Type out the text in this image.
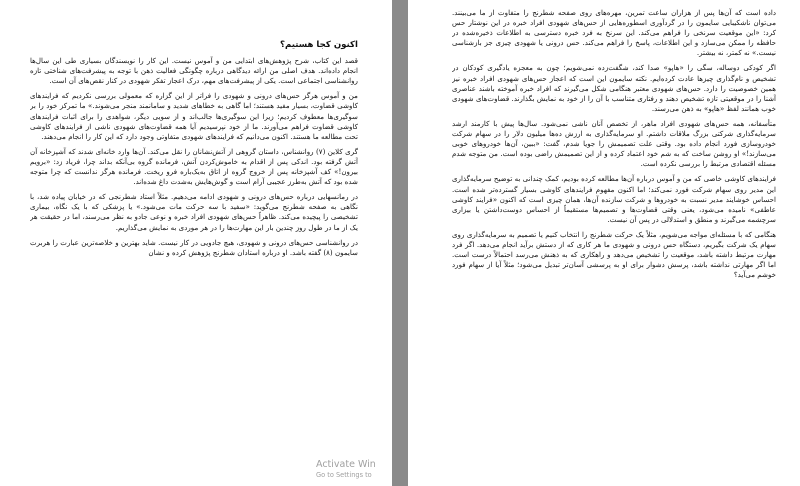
اکنون کجا هستیم؟

قصد این کتاب، شرح پژوهش‌های ابتدایی من و آموس نیست. این کار را نویسندگان بسیاری طی این سال‌ها انجام داده‌اند. هدف اصلی من ارائه دیدگاهی درباره چگونگی فعالیت ذهن با توجه به پیشرفت‌های شناختی تازه روانشناسی اجتماعی است. یکی از پیشرفت‌های مهم، درک اعجاز تفکر شهودی در کنار نقص‌های آن است.

من و آموس هرگز حس‌های درونی و شهودی را فراتر از این گزاره که معمولی بررسی نکردیم که فرایندهای کاوشی قضاوت، بسیار مفید هستند؛ اما گاهی به خطاهای شدید و سامانمند منجر می‌شوند.» ما تمرکز خود را بر سوگیری‌ها معطوف کردیم؛ زیرا این سوگیری‌ها جالب‌اند و از سویی دیگر، شواهدی را برای اثبات فرایندهای کاوشی قضاوت فراهم می‌آورند. ما از خود نپرسیدیم آیا همه قضاوت‌های شهودی ناشی از فرایندهای کاوشی تحت مطالعه ما هستند. اکنون می‌دانیم که فرایندهای شهودی متفاوتی وجود دارد که این کار را انجام می‌دهند.

گری کلاین (۷) روانشناس، داستان گروهی از آتش‌نشانان را نقل می‌کند. آن‌ها وارد خانه‌ای شدند که آشپزخانه آن آتش گرفته بود. اندکی پس از اقدام به خاموش‌کردن آتش، فرمانده گروه بی‌آنکه بداند چرا، فریاد زد: «برویم بیرون!» کف آشپزخانه پس از خروج گروه از اتاق به‌یک‌باره فرو ریخت. فرمانده هرگز ندانست که چرا متوجه شده بود که آتش به‌طرز عجیبی آرام است و گوش‌هایش به‌شدت داغ شده‌اند.

در رمانسهایی درباره حس‌های درونی و شهودی ادامه می‌دهیم. مثلاً استاد شطرنجی که در خیابان پیاده شد، با نگاهی به صفحه شطرنج می‌گوید: «سفید با سه حرکت مات می‌شود.» یا پزشکی که با یک نگاه، بیماری تشخیصی را پیچیده می‌کند. ظاهراً حس‌های شهودی افراد خبره و نوعی جادو به نظر می‌رسند، اما در حقیقت هر یک از ما در طول روز چندین بار این مهارت‌ها را در هر موردی به نمایش می‌گذاریم.

در روانشناسی حس‌های درونی و شهودی، هیچ جادویی در کار نیست. شاید بهترین و خلاصه‌ترین عبارت را هربرت سایمون (۸) گفته باشد. او درباره استادان شطرنج پژوهش کرده و نشان

داده است که آن‌ها پس از هزاران ساعت تمرین، مهره‌های روی صفحه شطرنج را متفاوت از ما می‌بینند. می‌توان ناشکیبایی سایمون را در گردآوری اسطوره‌هایی از حس‌های شهودی افراد خبره در این نوشتار حس کرد: «این موقعیت سرنخی را فراهم می‌کند. این سرنخ به فرد خبره دسترسی به اطلاعات ذخیره‌شده در حافظه را ممکن می‌سازد و این اطلاعات، پاسخ را فراهم می‌کند. حس درونی یا شهودی چیزی جز بازشناسی نیست.» نه کمتر، نه بیشتر.

اگر کودکی دوساله، سگی را «هاپو» صدا کند، شگفت‌زده نمی‌شویم؛ چون به معجزه یادگیری کودکان در تشخیص و نام‌گذاری چیزها عادت کرده‌ایم. نکته سایمون این است که اعجاز حس‌های شهودی افراد خبره نیز همین خصوصیت را دارد. حس‌های شهودی معتبر هنگامی شکل می‌گیرند که افراد خبره آموخته باشند عناصری آشنا را در موقعیتی تازه تشخیص دهند و رفتاری متناسب با آن را از خود به نمایش بگذارند. قضاوت‌های شهودی خوب همانند لفظ «هاپو» به ذهن می‌رسند.

متأسفانه، همه حس‌های شهودی افراد ماهر، از تخصص آنان ناشی نمی‌شود. سال‌ها پیش با کارمند ارشد سرمایه‌گذاری شرکتی بزرگ ملاقات داشتم. او سرمایه‌گذاری به ارزش ده‌ها میلیون دلار را در سهام شرکت خودروسازی فورد انجام داده بود. وقتی علت تصمیمش را جویا شدم، گفت: «ببین، آن‌ها خودروهای خوبی می‌سازند!» او روشن ساخت که به شم خود اعتماد کرده و از این تصمیمش راضی بوده است. من متوجه شدم مسئله اقتصادی مرتبط را بررسی نکرده است.

فرایندهای کاوشی خاصی که من و آموس درباره آن‌ها مطالعه کرده بودیم، کمک چندانی به توضیح سرمایه‌گذاری این مدیر روی سهام شرکت فورد نمی‌کند؛ اما اکنون مفهوم فرایندهای کاوشی بسیار گسترده‌تر شده است. احساس خوشایند مدیر نسبت به خودروها و شرکت سازنده آن‌ها، همان چیزی است که اکنون «فرایند کاوشی عاطفی» نامیده می‌شود، یعنی وقتی قضاوت‌ها و تصمیم‌ها مستقیماً از احساس دوست‌داشتن یا بیزاری سرچشمه می‌گیرند و منطق و استدلالی در پس آن نیست.

هنگامی که با مسئله‌ای مواجه می‌شویم، مثلاً یک حرکت شطرنج را انتخاب کنیم یا تصمیم به سرمایه‌گذاری روی سهام یک شرکت بگیریم، دستگاه حس درونی و شهودی ما هر کاری که از دستش برآید انجام می‌دهد. اگر فرد مهارت مرتبط داشته باشد، موقعیت را تشخیص می‌دهد و راهکاری که به ذهنش می‌رسد احتمالاً درست است. اما اگر مهارتی نداشته باشد، پرسش دشوار برای او به پرسشی آسان‌تر تبدیل می‌شود؛ مثلاً آیا از سهام فورد خوشم می‌آید؟

Activate Win
Go to Settings to
